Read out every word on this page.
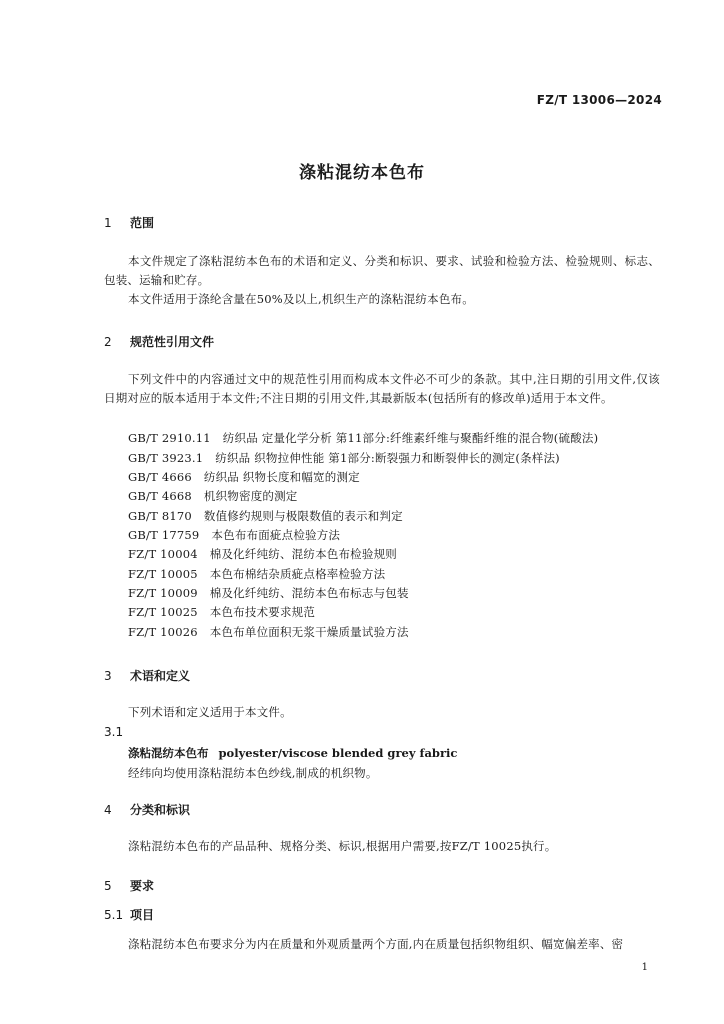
FZ/T 13006—2024
涤粘混纺本色布
1 范围
本文件规定了涤粘混纺本色布的术语和定义、分类和标识、要求、试验和检验方法、检验规则、标志、包装、运输和贮存。
本文件适用于涤纶含量在50%及以上,机织生产的涤粘混纺本色布。
2 规范性引用文件
下列文件中的内容通过文中的规范性引用而构成本文件必不可少的条款。其中,注日期的引用文件,仅该日期对应的版本适用于本文件;不注日期的引用文件,其最新版本(包括所有的修改单)适用于本文件。
GB/T 2910.11 纺织品 定量化学分析 第11部分:纤维素纤维与聚酯纤维的混合物(硫酸法)
GB/T 3923.1 纺织品 织物拉伸性能 第1部分:断裂强力和断裂伸长的测定(条样法)
GB/T 4666 纺织品 织物长度和幅宽的测定
GB/T 4668 机织物密度的测定
GB/T 8170 数值修约规则与极限数值的表示和判定
GB/T 17759 本色布布面疵点检验方法
FZ/T 10004 棉及化纤纯纺、混纺本色布检验规则
FZ/T 10005 本色布棉结杂质疵点格率检验方法
FZ/T 10009 棉及化纤纯纺、混纺本色布标志与包装
FZ/T 10025 本色布技术要求规范
FZ/T 10026 本色布单位面积无浆干燥质量试验方法
3 术语和定义
下列术语和定义适用于本文件。
3.1
涤粘混纺本色布 polyester/viscose blended grey fabric
经纬向均使用涤粘混纺本色纱线,制成的机织物。
4 分类和标识
涤粘混纺本色布的产品品种、规格分类、标识,根据用户需要,按FZ/T 10025执行。
5 要求
5.1 项目
涤粘混纺本色布要求分为内在质量和外观质量两个方面,内在质量包括织物组织、幅宽偏差率、密
1
